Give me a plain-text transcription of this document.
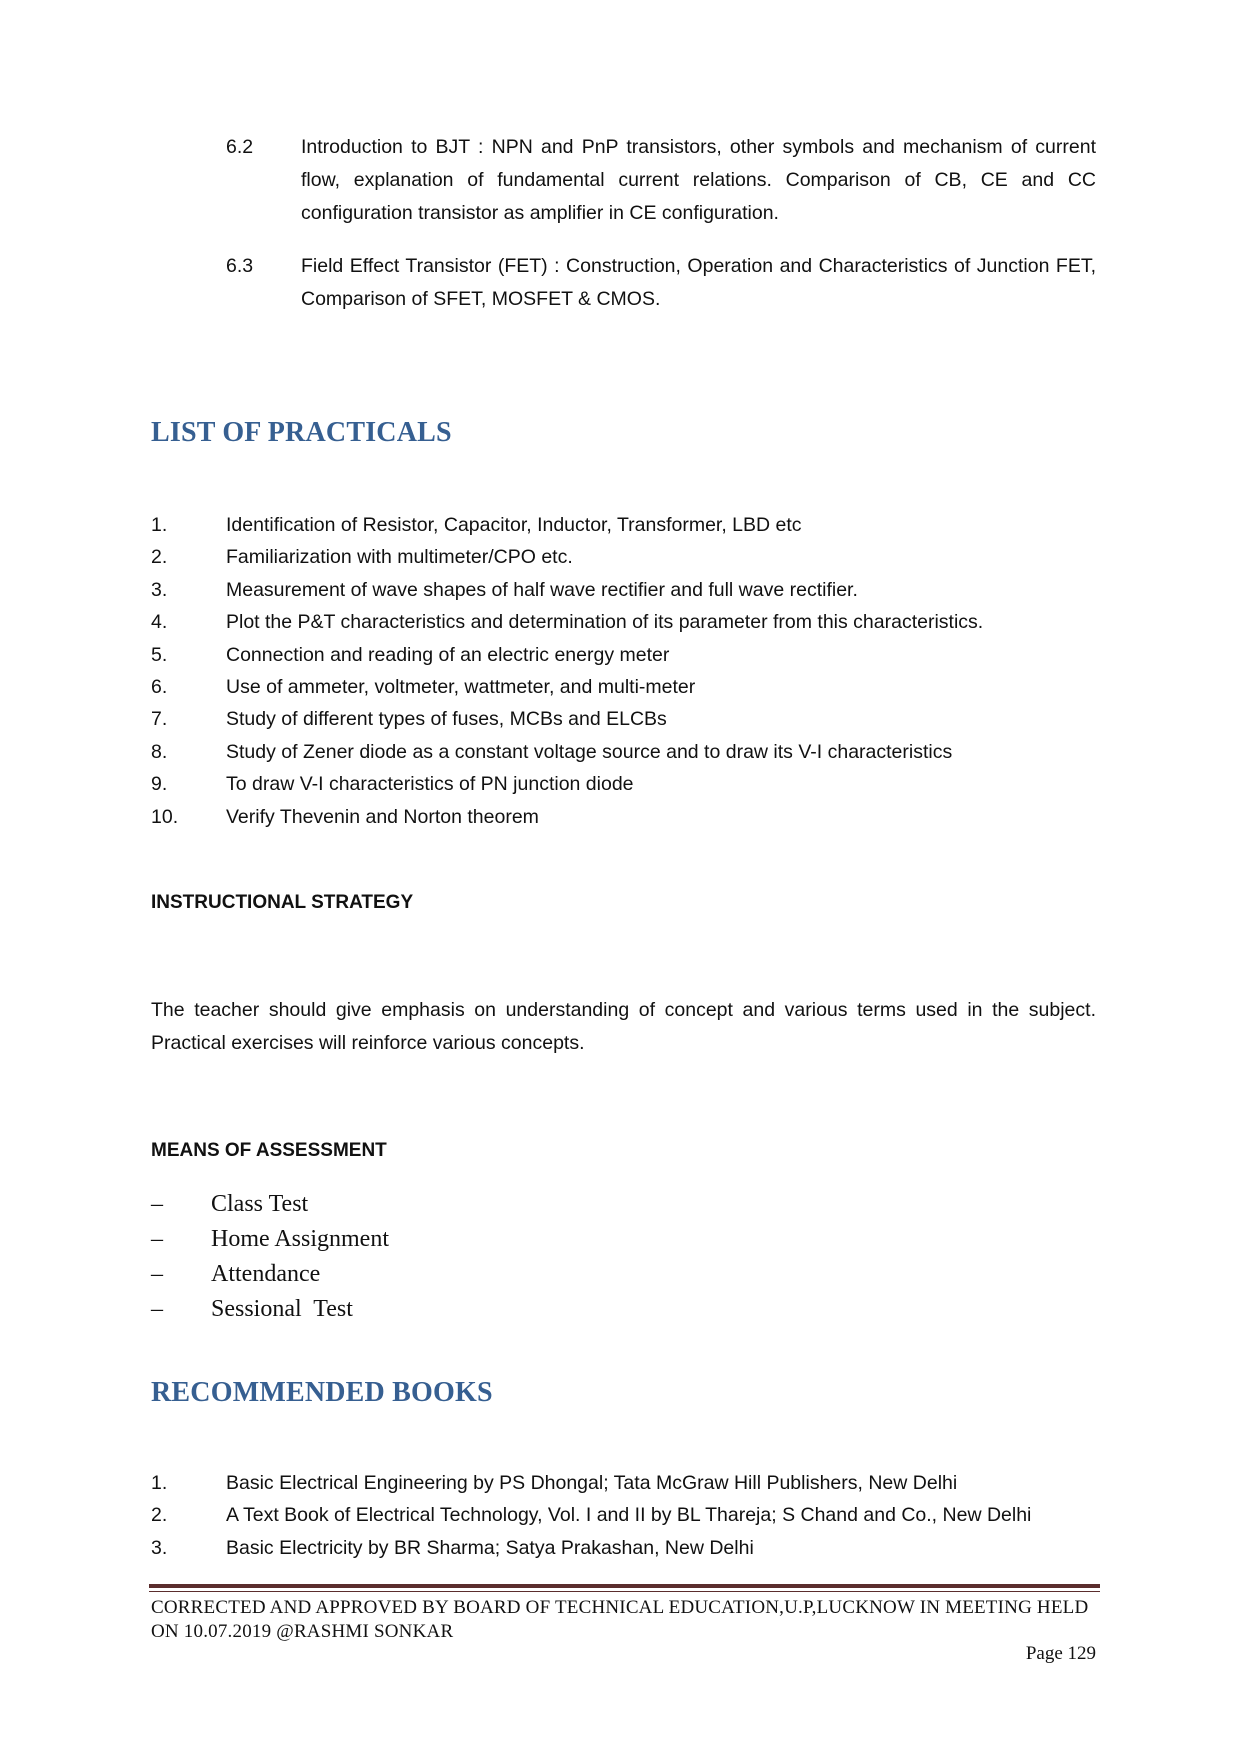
6.2 Introduction to BJT : NPN and PnP transistors, other symbols and mechanism of current flow, explanation of fundamental current relations. Comparison of CB, CE and CC configuration transistor as amplifier in CE configuration.
6.3 Field Effect Transistor (FET) : Construction, Operation and Characteristics of Junction FET, Comparison of SFET, MOSFET & CMOS.
LIST OF PRACTICALS
1.	Identification of Resistor, Capacitor, Inductor, Transformer, LBD etc
2.	Familiarization with multimeter/CPO etc.
3.	Measurement of wave shapes of half wave rectifier and full wave rectifier.
4.	Plot the P&T characteristics and determination of its parameter from this characteristics.
5.	Connection and reading of an electric energy meter
6.	Use of ammeter, voltmeter, wattmeter, and multi-meter
7.	Study of different types of fuses, MCBs and ELCBs
8.	Study of Zener diode as a constant voltage source and to draw its V-I characteristics
9.	To draw V-I characteristics of PN junction diode
10. Verify Thevenin and Norton theorem
INSTRUCTIONAL STRATEGY

The teacher should give emphasis on understanding of concept and various terms used in the subject. Practical exercises will reinforce various concepts.

MEANS OF ASSESSMENT
– Class Test
– Home Assignment
– Attendance
– Sessional  Test
RECOMMENDED BOOKS
1.	Basic Electrical Engineering by PS Dhongal; Tata McGraw Hill Publishers, New Delhi
2.	A Text Book of Electrical Technology, Vol. I and II by BL Thareja; S Chand and Co., New Delhi
3.	Basic Electricity by BR Sharma; Satya Prakashan, New Delhi

CORRECTED AND APPROVED BY BOARD OF TECHNICAL EDUCATION,U.P,LUCKNOW IN MEETING HELD
ON 10.07.2019 @RASHMI SONKAR

Page 129
